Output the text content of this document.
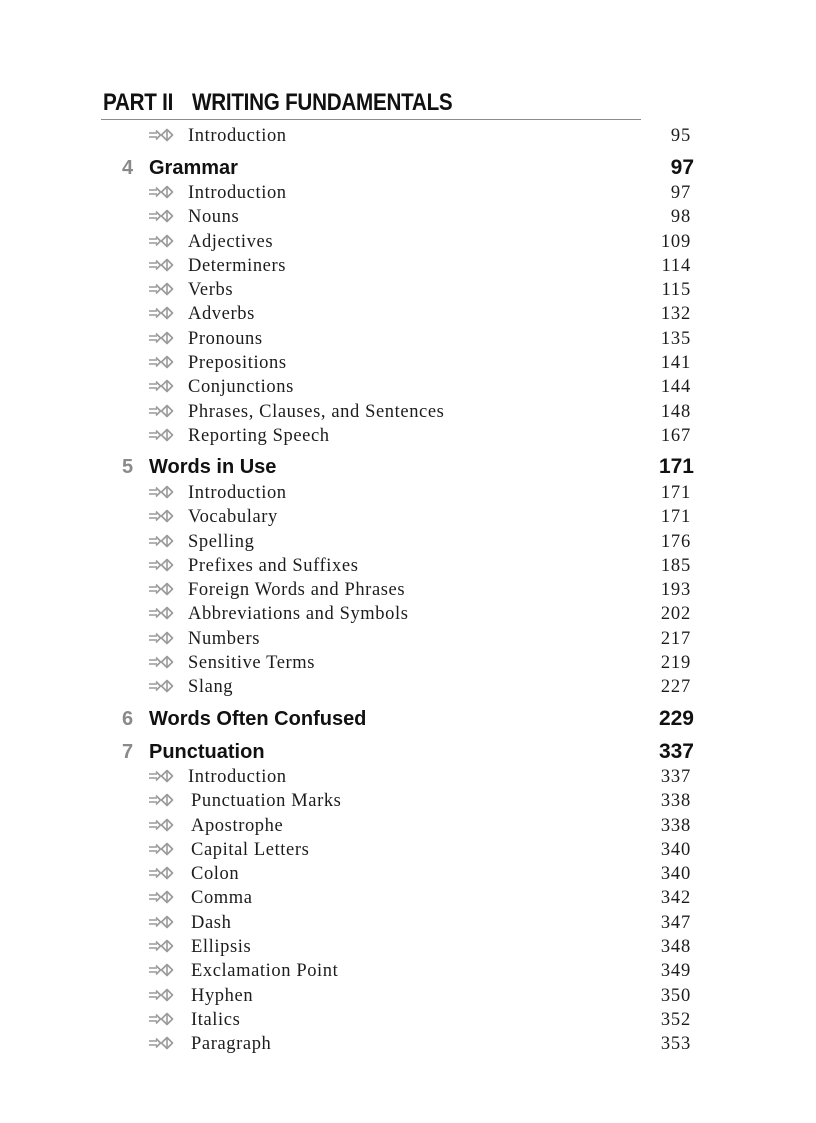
PART II WRITING FUNDAMENTALS
Introduction	95
4 Grammar	97
Introduction	97
Nouns	98
Adjectives	109
Determiners	114
Verbs	115
Adverbs	132
Pronouns	135
Prepositions	141
Conjunctions	144
Phrases, Clauses, and Sentences	148
Reporting Speech	167
5 Words in Use	171
Introduction	171
Vocabulary	171
Spelling	176
Prefixes and Suffixes	185
Foreign Words and Phrases	193
Abbreviations and Symbols	202
Numbers	217
Sensitive Terms	219
Slang	227
6 Words Often Confused	229
7 Punctuation	337
Introduction	337
Punctuation Marks	338
Apostrophe	338
Capital Letters	340
Colon	340
Comma	342
Dash	347
Ellipsis	348
Exclamation Point	349
Hyphen	350
Italics	352
Paragraph	353
